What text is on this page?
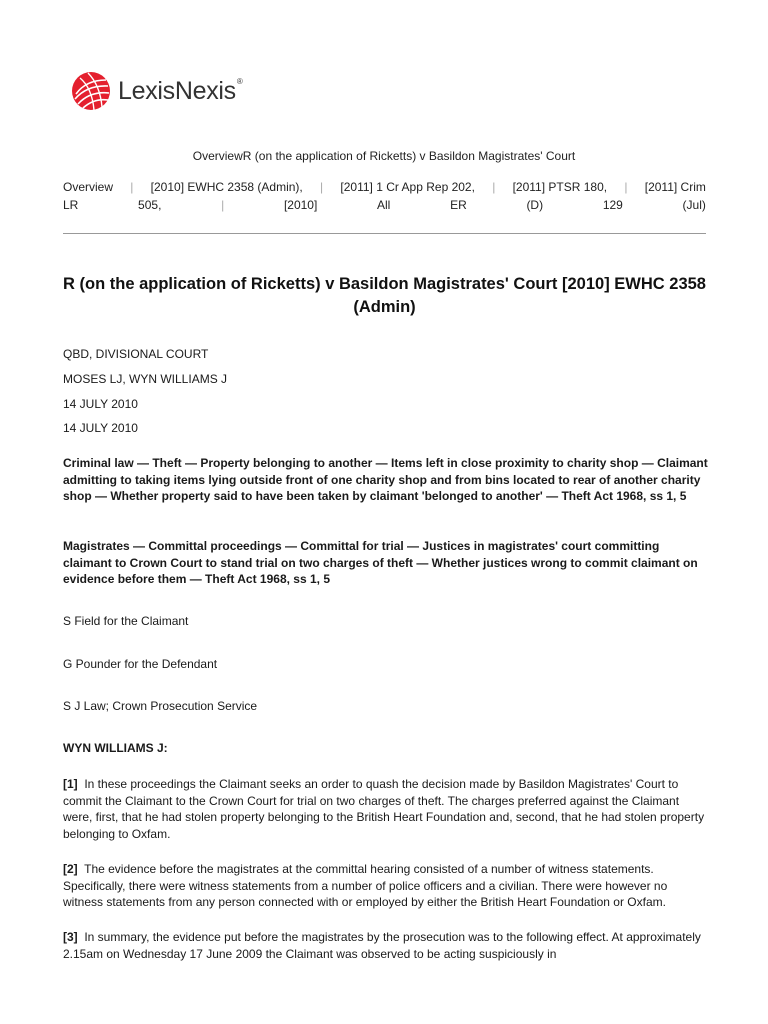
LexisNexis®
OverviewR (on the application of Ricketts) v Basildon Magistrates' Court
Overview | [2010] EWHC 2358 (Admin), | [2011] 1 Cr App Rep 202, | [2011] PTSR 180, | [2011] Crim
LR	505,	|	[2010]	All	ER	(D)	129	(Jul)
R (on the application of Ricketts) v Basildon Magistrates' Court [2010] EWHC 2358 (Admin)
QBD, DIVISIONAL COURT
MOSES LJ, WYN WILLIAMS J
14 JULY 2010
14 JULY 2010
Criminal law — Theft — Property belonging to another — Items left in close proximity to charity shop — Claimant admitting to taking items lying outside front of one charity shop and from bins located to rear of another charity shop — Whether property said to have been taken by claimant 'belonged to another' — Theft Act 1968, ss 1, 5
Magistrates — Committal proceedings — Committal for trial — Justices in magistrates' court committing claimant to Crown Court to stand trial on two charges of theft — Whether justices wrong to commit claimant on evidence before them — Theft Act 1968, ss 1, 5
S Field for the Claimant
G Pounder for the Defendant
S J Law; Crown Prosecution Service
WYN WILLIAMS J:
[1] In these proceedings the Claimant seeks an order to quash the decision made by Basildon Magistrates' Court to commit the Claimant to the Crown Court for trial on two charges of theft. The charges preferred against the Claimant were, first, that he had stolen property belonging to the British Heart Foundation and, second, that he had stolen property belonging to Oxfam.
[2] The evidence before the magistrates at the committal hearing consisted of a number of witness statements. Specifically, there were witness statements from a number of police officers and a civilian. There were however no witness statements from any person connected with or employed by either the British Heart Foundation or Oxfam.
[3] In summary, the evidence put before the magistrates by the prosecution was to the following effect. At approximately 2.15am on Wednesday 17 June 2009 the Claimant was observed to be acting suspiciously in
